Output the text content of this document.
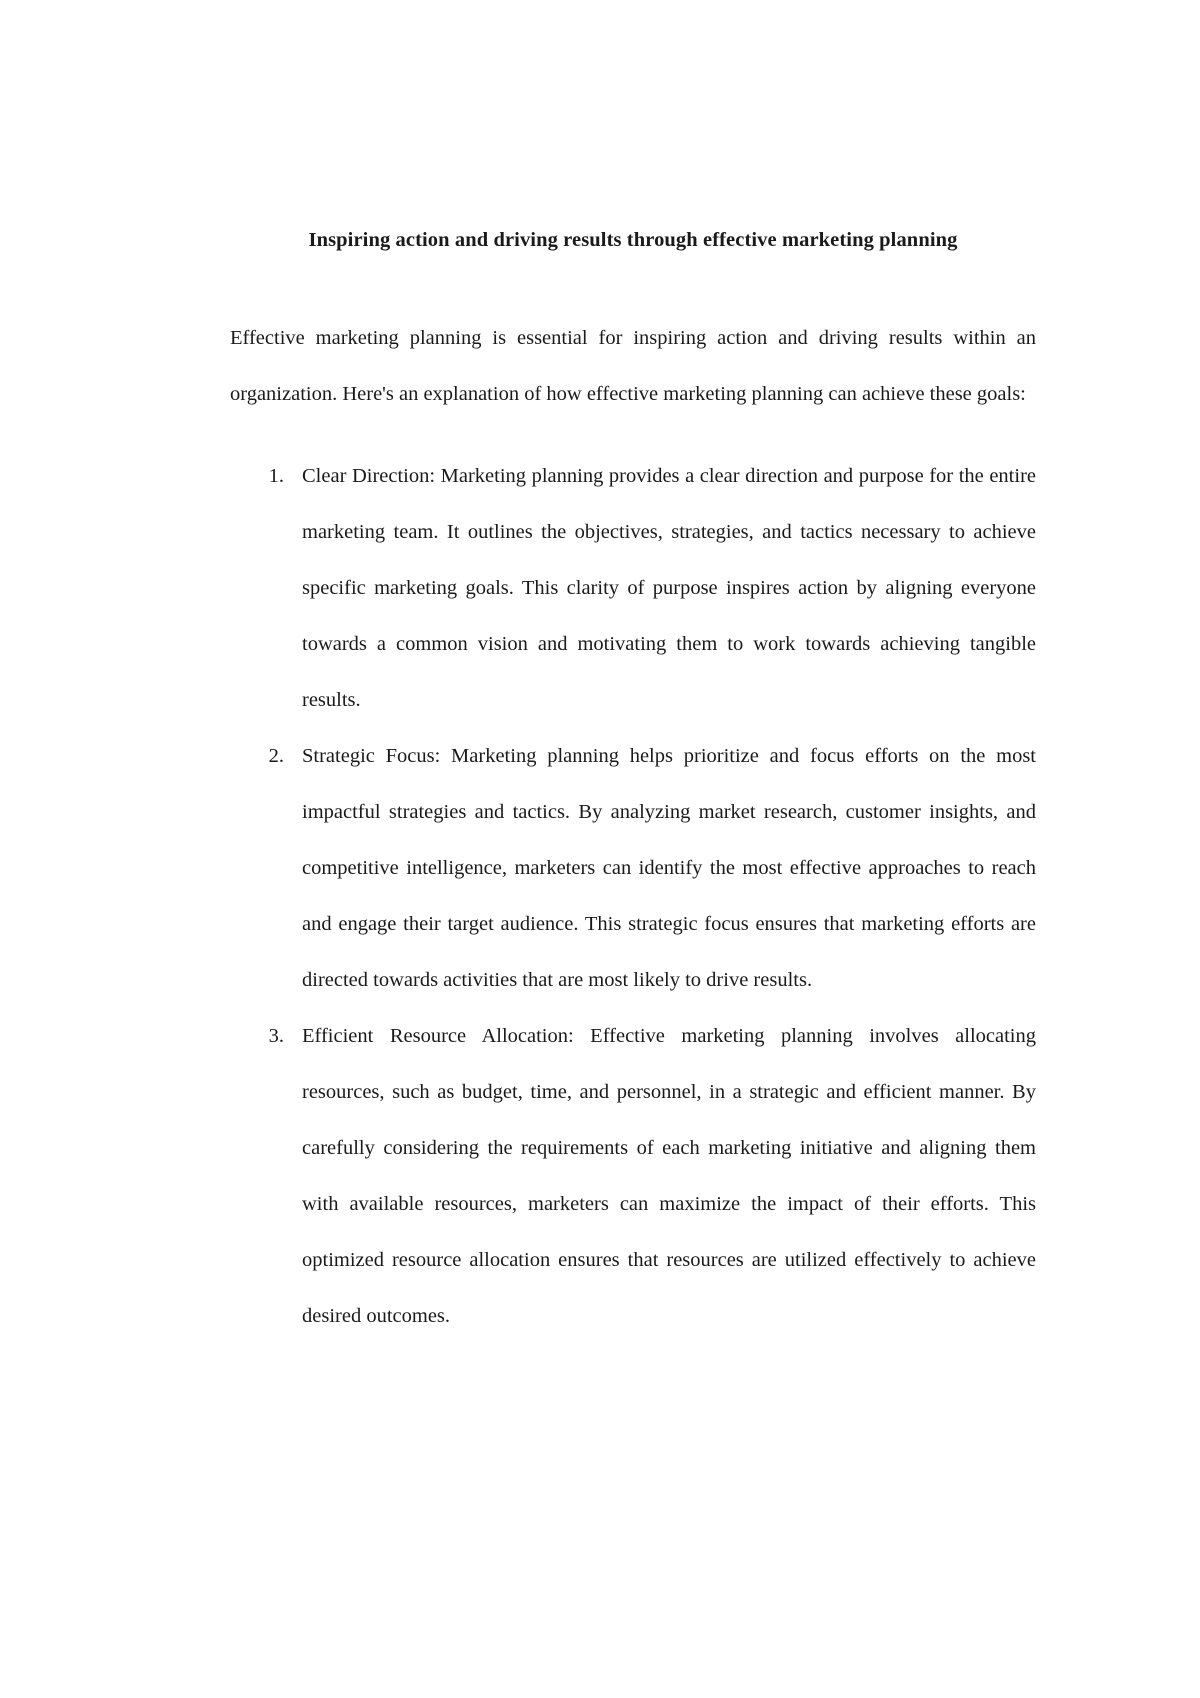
Inspiring action and driving results through effective marketing planning

Effective marketing planning is essential for inspiring action and driving results within an organization. Here's an explanation of how effective marketing planning can achieve these goals:

1. Clear Direction: Marketing planning provides a clear direction and purpose for the entire marketing team. It outlines the objectives, strategies, and tactics necessary to achieve specific marketing goals. This clarity of purpose inspires action by aligning everyone towards a common vision and motivating them to work towards achieving tangible results.
2. Strategic Focus: Marketing planning helps prioritize and focus efforts on the most impactful strategies and tactics. By analyzing market research, customer insights, and competitive intelligence, marketers can identify the most effective approaches to reach and engage their target audience. This strategic focus ensures that marketing efforts are directed towards activities that are most likely to drive results.
3. Efficient Resource Allocation: Effective marketing planning involves allocating resources, such as budget, time, and personnel, in a strategic and efficient manner. By carefully considering the requirements of each marketing initiative and aligning them with available resources, marketers can maximize the impact of their efforts. This optimized resource allocation ensures that resources are utilized effectively to achieve desired outcomes.
